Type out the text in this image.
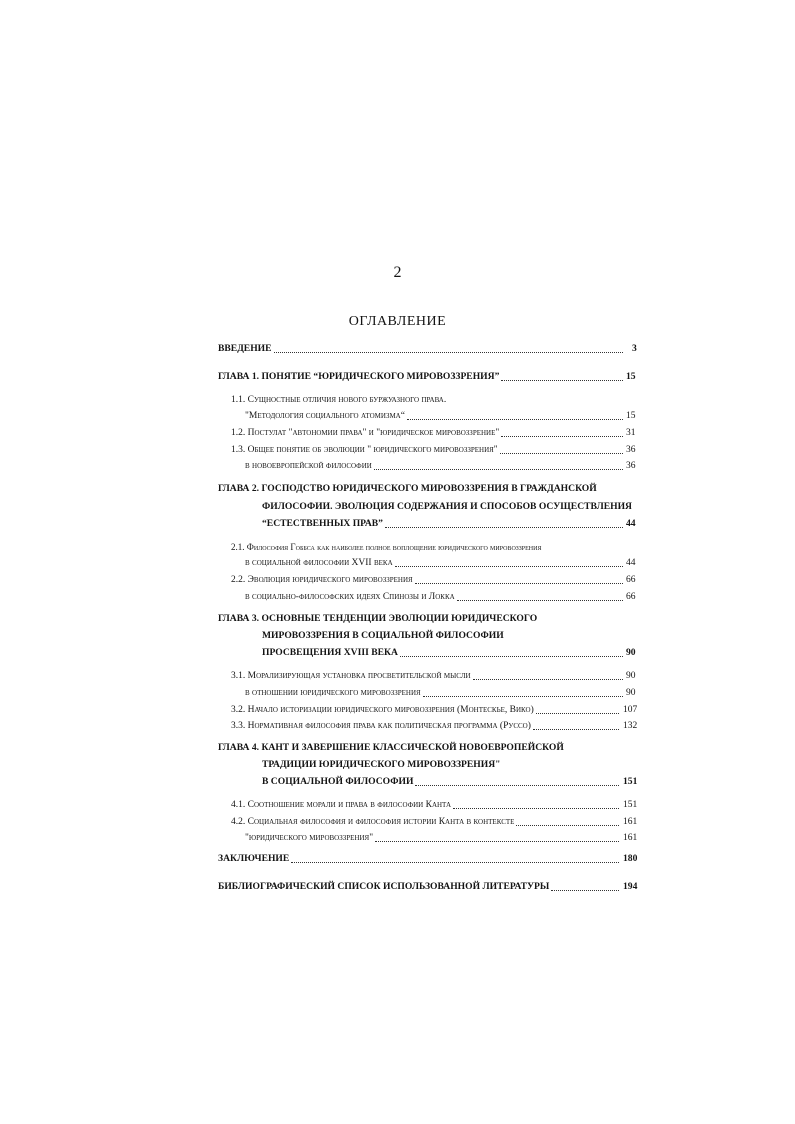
2
ОГЛАВЛЕНИЕ
ВВЕДЕНИЕ	3
ГЛАВА 1. ПОНЯТИЕ “ЮРИДИЧЕСКОГО МИРОВОЗЗРЕНИЯ”	15
1.1. Сущностные отличия нового буржуазного права.
"Методология социального атомизма“	15
1.2. Постулат "автономии права" и "юридическое мировоззрение"	31
1.3. Общее понятие об эволюции " юридического мировоззрения"	36
в новоевропейской философии	36
ГЛАВА 2. ГОСПОДСТВО ЮРИДИЧЕСКОГО МИРОВОЗЗРЕНИЯ В ГРАЖДАНСКОЙ
ФИЛОСОФИИ. ЭВОЛЮЦИЯ СОДЕРЖАНИЯ И СПОСОБОВ ОСУЩЕСТВЛЕНИЯ
“ЕСТЕСТВЕННЫХ ПРАВ”	44
2.1. Философия Гоббса как наиболее полное воплощение юридического мировоззрения
в социальной философии XVII века	44
2.2. Эволюция юридического мировоззрения	66
в социально-философских идеях Спинозы и Локка	66
ГЛАВА 3. ОСНОВНЫЕ ТЕНДЕНЦИИ ЭВОЛЮЦИИ ЮРИДИЧЕСКОГО
МИРОВОЗЗРЕНИЯ В СОЦИАЛЬНОЙ ФИЛОСОФИИ
ПРОСВЕЩЕНИЯ XVIII ВЕКА	90
3.1. Морализирующая установка просветительской мысли	90
в отношении юридического мировоззрения	90
3.2. Начало историзации юридического мировоззрения (Монтескье, Вико)	107
3.3. Нормативная философия права как политическая программа (Руссо)	132
ГЛАВА 4. КАНТ И ЗАВЕРШЕНИЕ КЛАССИЧЕСКОЙ НОВОЕВРОПЕЙСКОЙ
ТРАДИЦИИ ЮРИДИЧЕСКОГО МИРОВОЗЗРЕНИЯ"
В СОЦИАЛЬНОЙ ФИЛОСОФИИ	151
4.1. Соотношение морали и права в философии Канта	151
4.2. Социальная философия и философия истории Канта в контексте	161
"юридического мировоззрения"	161
ЗАКЛЮЧЕНИЕ	180
БИБЛИОГРАФИЧЕСКИЙ СПИСОК ИСПОЛЬЗОВАННОЙ ЛИТЕРАТУРЫ	194
